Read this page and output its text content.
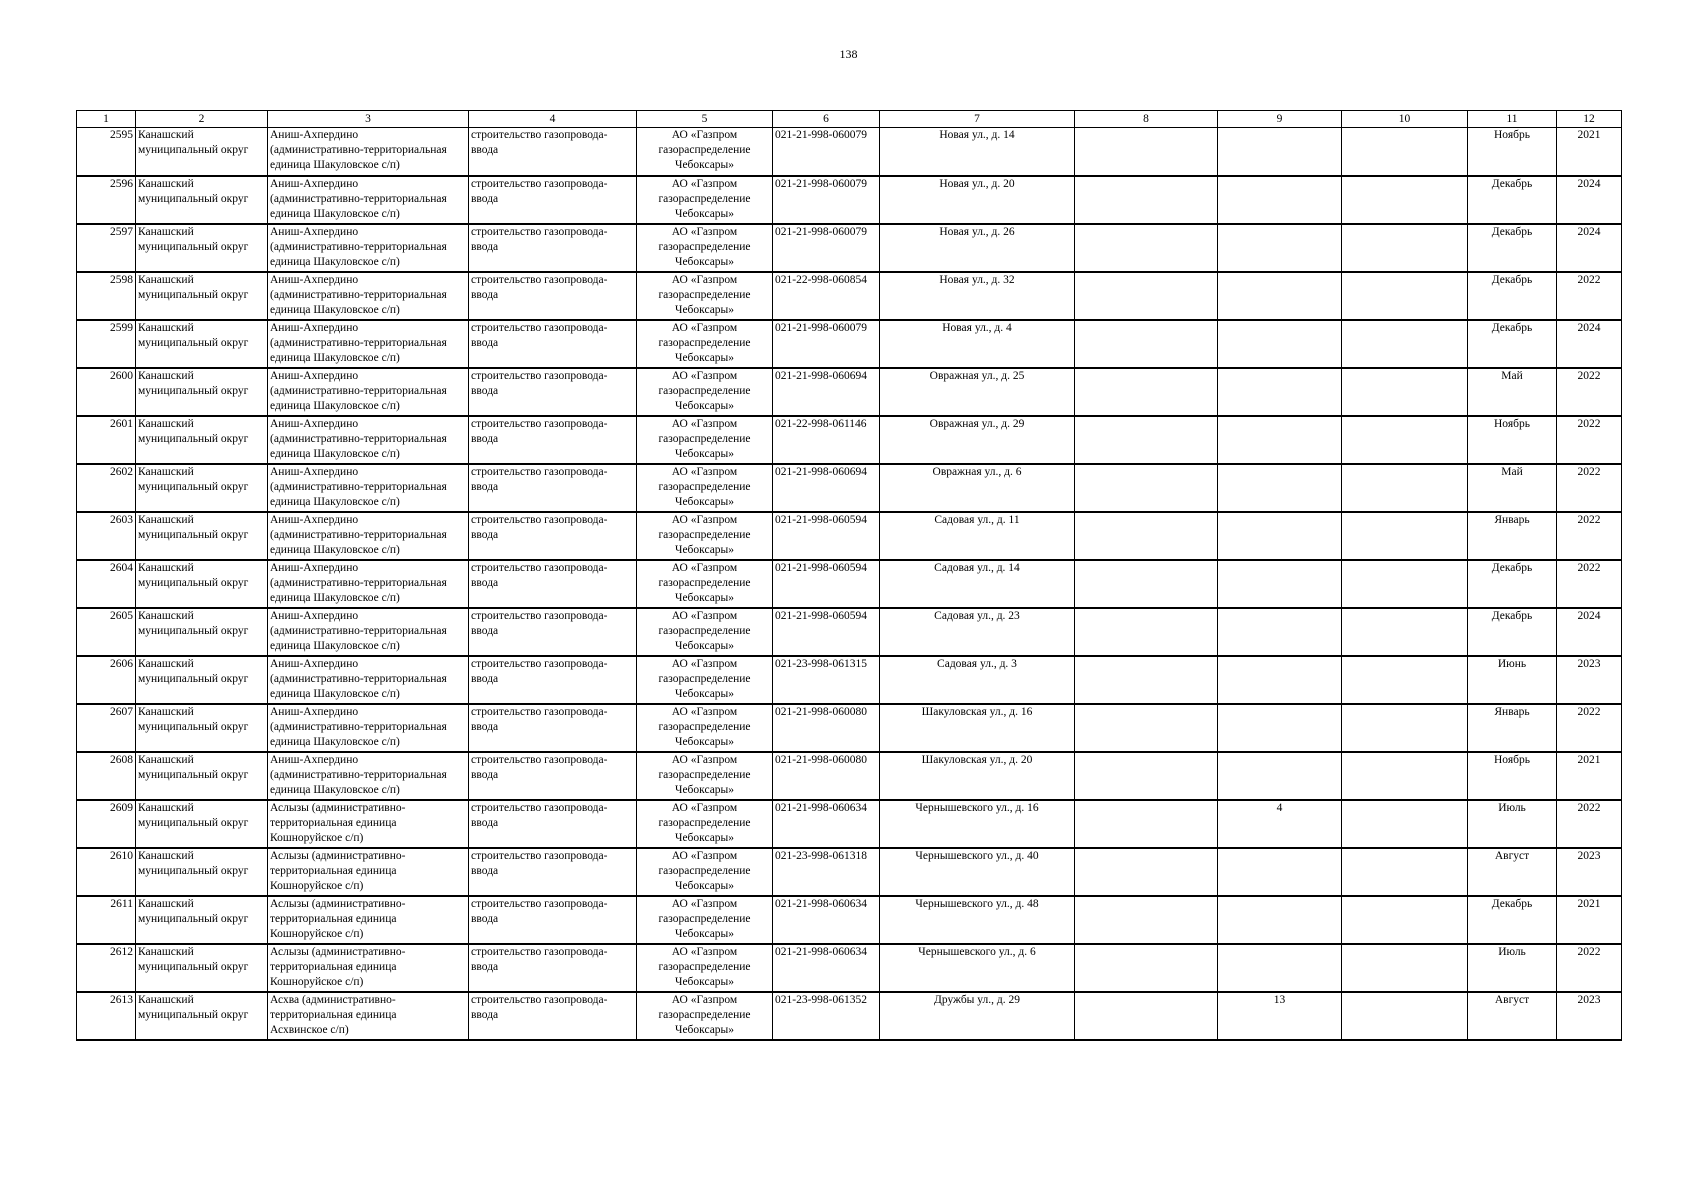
138
1	2	3	4	5	6	7	8	9	10	11	12
2595	Канашский
муниципальный округ	Аниш-Ахпердино
(административно-территориальная
единица Шакуловское с/п)	строительство газопровода-
ввода	АО «Газпром
газораспределение
Чебоксары»	021-21-998-060079	Новая ул., д. 14				Ноябрь	2021
2596	Канашский
муниципальный округ	Аниш-Ахпердино
(административно-территориальная
единица Шакуловское с/п)	строительство газопровода-
ввода	АО «Газпром
газораспределение
Чебоксары»	021-21-998-060079	Новая ул., д. 20				Декабрь	2024
2597	Канашский
муниципальный округ	Аниш-Ахпердино
(административно-территориальная
единица Шакуловское с/п)	строительство газопровода-
ввода	АО «Газпром
газораспределение
Чебоксары»	021-21-998-060079	Новая ул., д. 26				Декабрь	2024
2598	Канашский
муниципальный округ	Аниш-Ахпердино
(административно-территориальная
единица Шакуловское с/п)	строительство газопровода-
ввода	АО «Газпром
газораспределение
Чебоксары»	021-22-998-060854	Новая ул., д. 32				Декабрь	2022
2599	Канашский
муниципальный округ	Аниш-Ахпердино
(административно-территориальная
единица Шакуловское с/п)	строительство газопровода-
ввода	АО «Газпром
газораспределение
Чебоксары»	021-21-998-060079	Новая ул., д. 4				Декабрь	2024
2600	Канашский
муниципальный округ	Аниш-Ахпердино
(административно-территориальная
единица Шакуловское с/п)	строительство газопровода-
ввода	АО «Газпром
газораспределение
Чебоксары»	021-21-998-060694	Овражная ул., д. 25				Май	2022
2601	Канашский
муниципальный округ	Аниш-Ахпердино
(административно-территориальная
единица Шакуловское с/п)	строительство газопровода-
ввода	АО «Газпром
газораспределение
Чебоксары»	021-22-998-061146	Овражная ул., д. 29				Ноябрь	2022
2602	Канашский
муниципальный округ	Аниш-Ахпердино
(административно-территориальная
единица Шакуловское с/п)	строительство газопровода-
ввода	АО «Газпром
газораспределение
Чебоксары»	021-21-998-060694	Овражная ул., д. 6				Май	2022
2603	Канашский
муниципальный округ	Аниш-Ахпердино
(административно-территориальная
единица Шакуловское с/п)	строительство газопровода-
ввода	АО «Газпром
газораспределение
Чебоксары»	021-21-998-060594	Садовая ул., д. 11				Январь	2022
2604	Канашский
муниципальный округ	Аниш-Ахпердино
(административно-территориальная
единица Шакуловское с/п)	строительство газопровода-
ввода	АО «Газпром
газораспределение
Чебоксары»	021-21-998-060594	Садовая ул., д. 14				Декабрь	2022
2605	Канашский
муниципальный округ	Аниш-Ахпердино
(административно-территориальная
единица Шакуловское с/п)	строительство газопровода-
ввода	АО «Газпром
газораспределение
Чебоксары»	021-21-998-060594	Садовая ул., д. 23				Декабрь	2024
2606	Канашский
муниципальный округ	Аниш-Ахпердино
(административно-территориальная
единица Шакуловское с/п)	строительство газопровода-
ввода	АО «Газпром
газораспределение
Чебоксары»	021-23-998-061315	Садовая ул., д. 3				Июнь	2023
2607	Канашский
муниципальный округ	Аниш-Ахпердино
(административно-территориальная
единица Шакуловское с/п)	строительство газопровода-
ввода	АО «Газпром
газораспределение
Чебоксары»	021-21-998-060080	Шакуловская ул., д. 16				Январь	2022
2608	Канашский
муниципальный округ	Аниш-Ахпердино
(административно-территориальная
единица Шакуловское с/п)	строительство газопровода-
ввода	АО «Газпром
газораспределение
Чебоксары»	021-21-998-060080	Шакуловская ул., д. 20				Ноябрь	2021
2609	Канашский
муниципальный округ	Аслызы (административно-
территориальная единица
Кошноруйское с/п)	строительство газопровода-
ввода	АО «Газпром
газораспределение
Чебоксары»	021-21-998-060634	Чернышевского ул., д. 16		4		Июль	2022
2610	Канашский
муниципальный округ	Аслызы (административно-
территориальная единица
Кошноруйское с/п)	строительство газопровода-
ввода	АО «Газпром
газораспределение
Чебоксары»	021-23-998-061318	Чернышевского ул., д. 40				Август	2023
2611	Канашский
муниципальный округ	Аслызы (административно-
территориальная единица
Кошноруйское с/п)	строительство газопровода-
ввода	АО «Газпром
газораспределение
Чебоксары»	021-21-998-060634	Чернышевского ул., д. 48				Декабрь	2021
2612	Канашский
муниципальный округ	Аслызы (административно-
территориальная единица
Кошноруйское с/п)	строительство газопровода-
ввода	АО «Газпром
газораспределение
Чебоксары»	021-21-998-060634	Чернышевского ул., д. 6				Июль	2022
2613	Канашский
муниципальный округ	Асхва (административно-
территориальная единица
Асхвинское с/п)	строительство газопровода-
ввода	АО «Газпром
газораспределение
Чебоксары»	021-23-998-061352	Дружбы ул., д. 29		13		Август	2023
